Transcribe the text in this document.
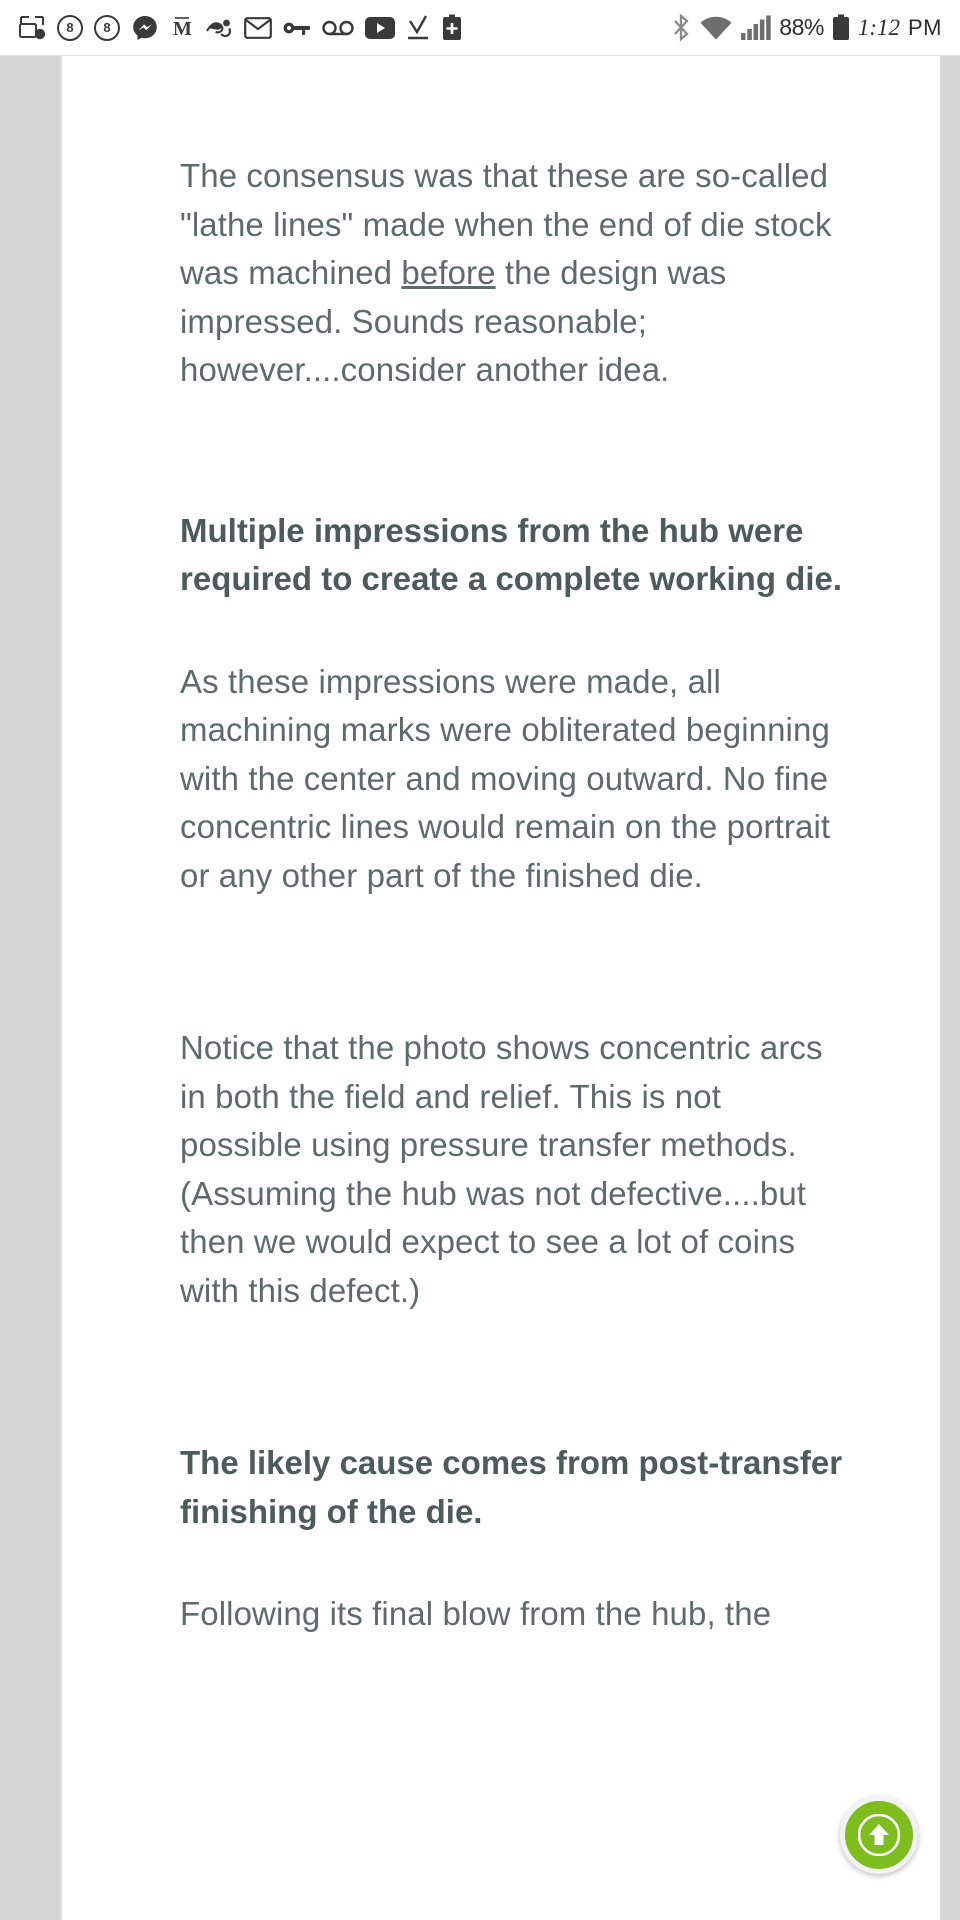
! 8 8	M	88% 1:12 PM

The consensus was that these are so-called "lathe lines" made when the end of die stock was machined before the design was impressed. Sounds reasonable; however....consider another idea.

Multiple impressions from the hub were required to create a complete working die.

As these impressions were made, all machining marks were obliterated beginning with the center and moving outward. No fine concentric lines would remain on the portrait or any other part of the finished die.

Notice that the photo shows concentric arcs in both the field and relief. This is not possible using pressure transfer methods. (Assuming the hub was not defective....but then we would expect to see a lot of coins with this defect.)

The likely cause comes from post-transfer finishing of the die.

Following its final blow from the hub, the
